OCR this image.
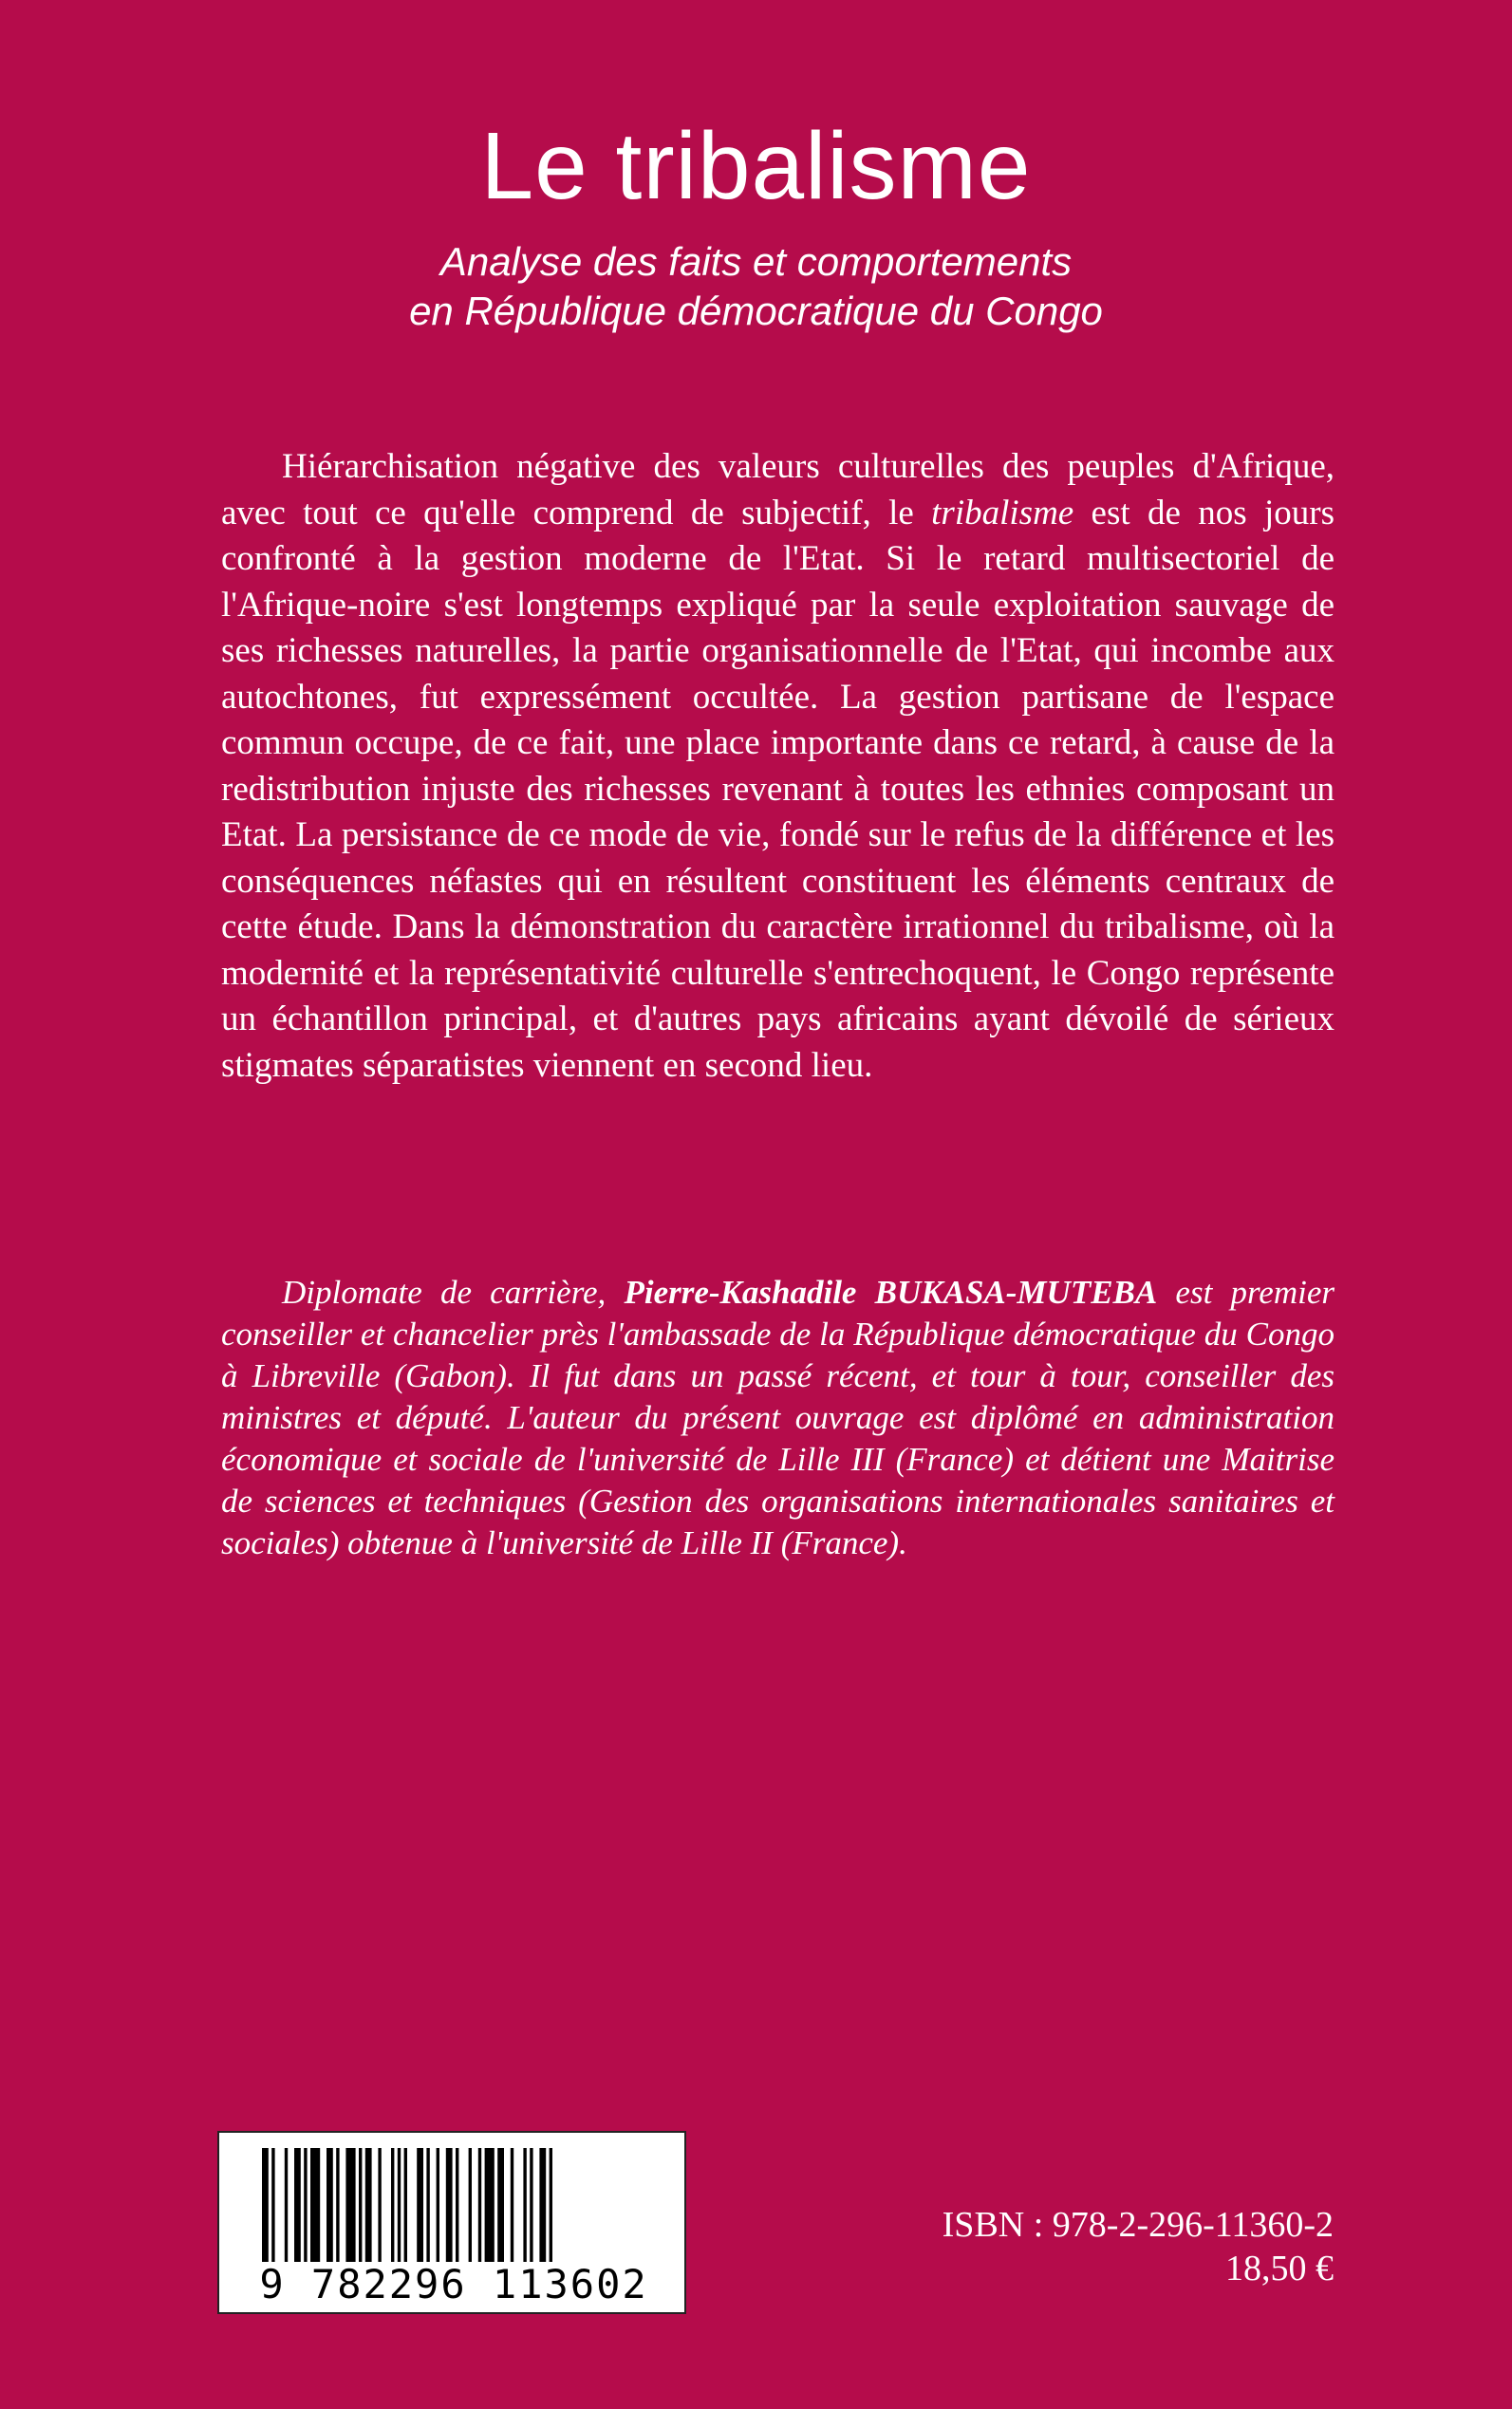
Le tribalisme
Analyse des faits et comportements
en République démocratique du Congo

Hiérarchisation négative des valeurs culturelles des peuples d'Afrique, avec tout ce qu'elle comprend de subjectif, le tribalisme est de nos jours confronté à la gestion moderne de l'Etat. Si le retard multisectoriel de l'Afrique-noire s'est longtemps expliqué par la seule exploitation sauvage de ses richesses naturelles, la partie organisationnelle de l'Etat, qui incombe aux autochtones, fut expressément occultée. La gestion partisane de l'espace commun occupe, de ce fait, une place importante dans ce retard, à cause de la redistribution injuste des richesses revenant à toutes les ethnies composant un Etat. La persistance de ce mode de vie, fondé sur le refus de la différence et les conséquences néfastes qui en résultent constituent les éléments centraux de cette étude. Dans la démonstration du caractère irrationnel du tribalisme, où la modernité et la représentativité culturelle s'entrechoquent, le Congo représente un échantillon principal, et d'autres pays africains ayant dévoilé de sérieux stigmates séparatistes viennent en second lieu.

Diplomate de carrière, Pierre-Kashadile BUKASA-MUTEBA est premier conseiller et chancelier près l'ambassade de la République démocratique du Congo à Libreville (Gabon). Il fut dans un passé récent, et tour à tour, conseiller des ministres et député. L'auteur du présent ouvrage est diplômé en administration économique et sociale de l'université de Lille III (France) et détient une Maitrise de sciences et techniques (Gestion des organisations internationales sanitaires et sociales) obtenue à l'université de Lille II (France).

9 782296 113602
ISBN : 978-2-296-11360-2
18,50 €
